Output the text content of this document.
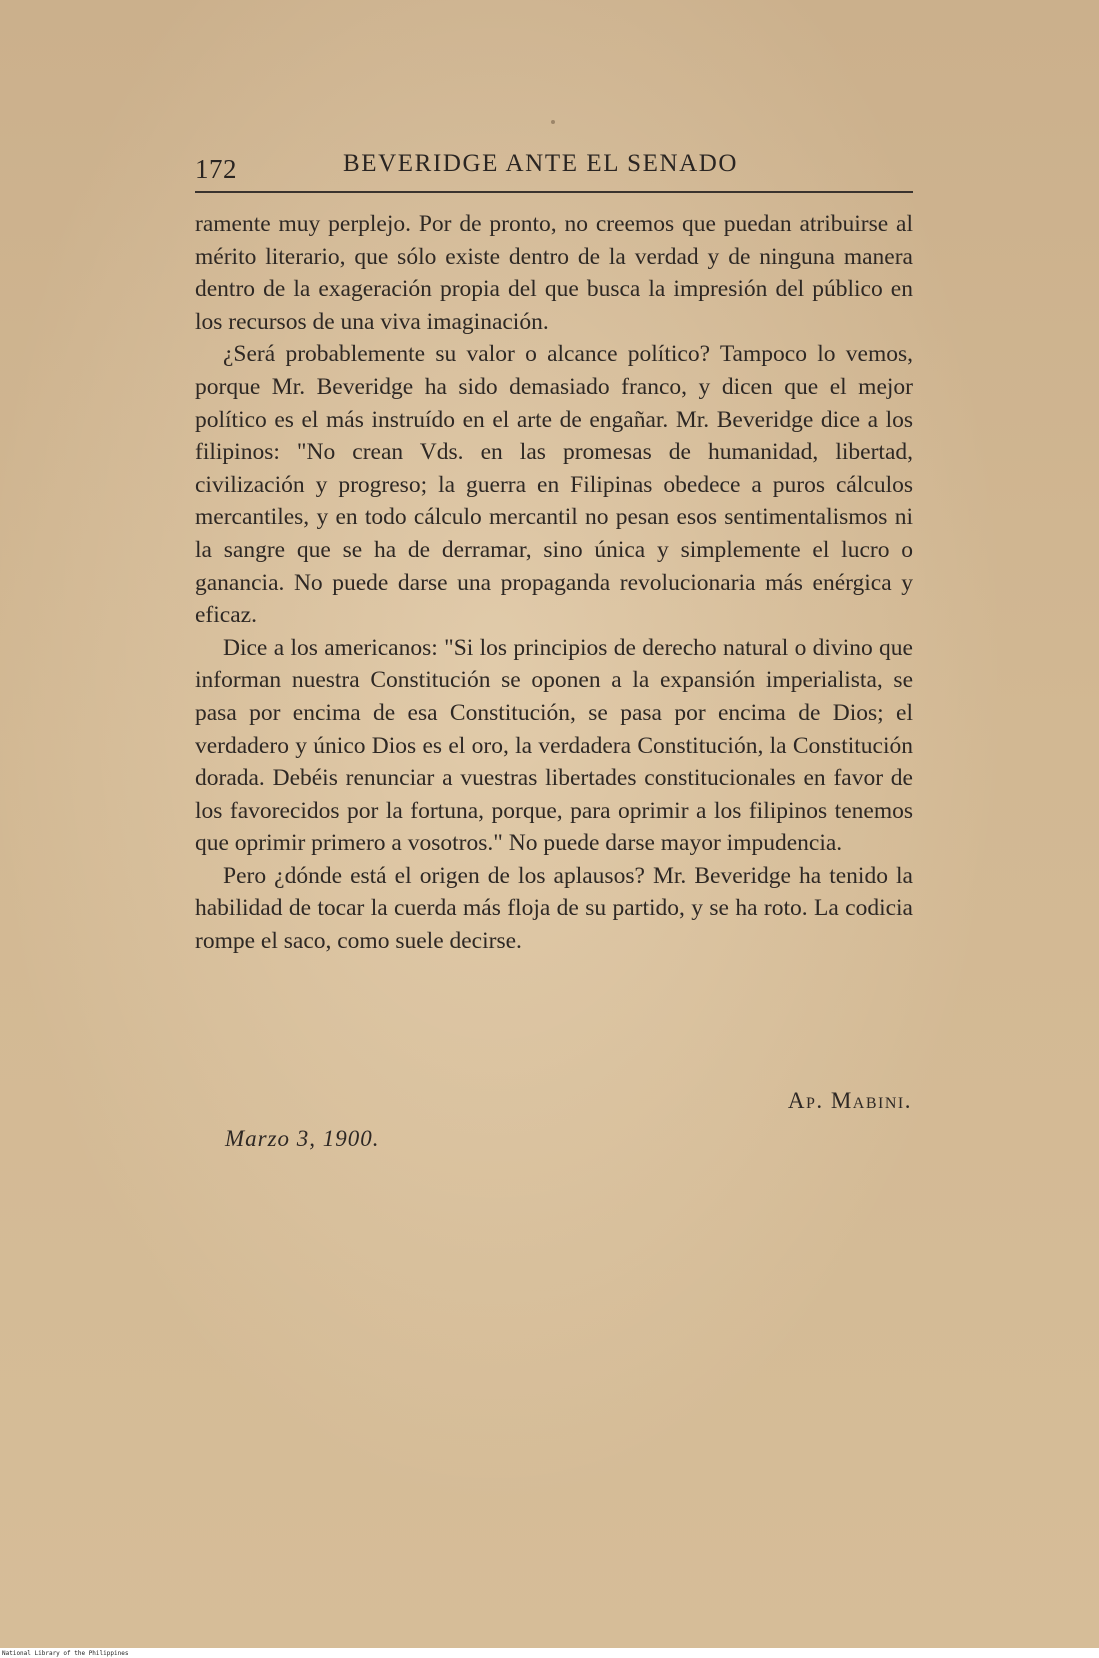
172	BEVERIDGE ANTE EL SENADO

ramente muy perplejo. Por de pronto, no creemos que puedan atribuirse al mérito literario, que sólo existe dentro de la verdad y de ninguna manera dentro de la exageración propia del que busca la impresión del público en los recursos de una viva imaginación.

¿Será probablemente su valor o alcance político? Tampoco lo vemos, porque Mr. Beveridge ha sido demasiado franco, y dicen que el mejor político es el más instruído en el arte de engañar. Mr. Beveridge dice a los filipinos: "No crean Vds. en las promesas de humanidad, libertad, civilización y progreso; la guerra en Filipinas obedece a puros cálculos mercantiles, y en todo cálculo mercantil no pesan esos sentimentalismos ni la sangre que se ha de derramar, sino única y simplemente el lucro o ganancia. No puede darse una propaganda revolucionaria más enérgica y eficaz.

Dice a los americanos: "Si los principios de derecho natural o divino que informan nuestra Constitución se oponen a la expansión imperialista, se pasa por encima de esa Constitución, se pasa por encima de Dios; el verdadero y único Dios es el oro, la verdadera Constitución, la Constitución dorada. Debéis renunciar a vuestras libertades constitucionales en favor de los favorecidos por la fortuna, porque, para oprimir a los filipinos tenemos que oprimir primero a vosotros." No puede darse mayor impudencia.

Pero ¿dónde está el origen de los aplausos? Mr. Beveridge ha tenido la habilidad de tocar la cuerda más floja de su partido, y se ha roto. La codicia rompe el saco, como suele decirse.

Ap. Mabini.
Marzo 3, 1900.
National Library of the Philippines
